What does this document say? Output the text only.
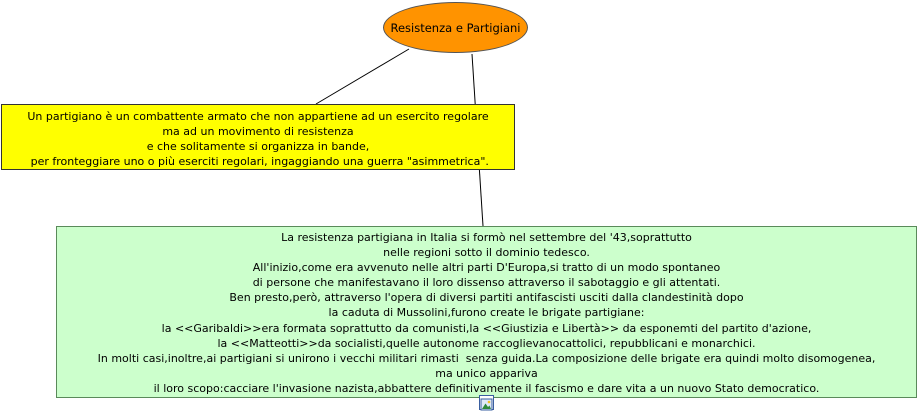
Resistenza e Partigiani
Un partigiano è un combattente armato che non appartiene ad un esercito regolare
ma ad un movimento di resistenza
e che solitamente si organizza in bande,
per fronteggiare uno o più eserciti regolari, ingaggiando una guerra "asimmetrica".
La resistenza partigiana in Italia si formò nel settembre del '43,soprattutto
nelle regioni sotto il dominio tedesco.
All'inizio,come era avvenuto nelle altri parti D'Europa,si tratto di un modo spontaneo
di persone che manifestavano il loro dissenso attraverso il sabotaggio e gli attentati.
Ben presto,però, attraverso l'opera di diversi partiti antifascisti usciti dalla clandestinità dopo
la caduta di Mussolini,furono create le brigate partigiane:
la <<Garibaldi>>era formata soprattutto da comunisti,la <<Giustizia e Libertà>> da esponemti del partito d'azione,
la <<Matteotti>>da socialisti,quelle autonome raccoglievanocattolici, repubblicani e monarchici.
In molti casi,inoltre,ai partigiani si unirono i vecchi militari rimasti  senza guida.La composizione delle brigate era quindi molto disomogenea,
ma unico appariva
il loro scopo:cacciare l'invasione nazista,abbattere definitivamente il fascismo e dare vita a un nuovo Stato democratico.
